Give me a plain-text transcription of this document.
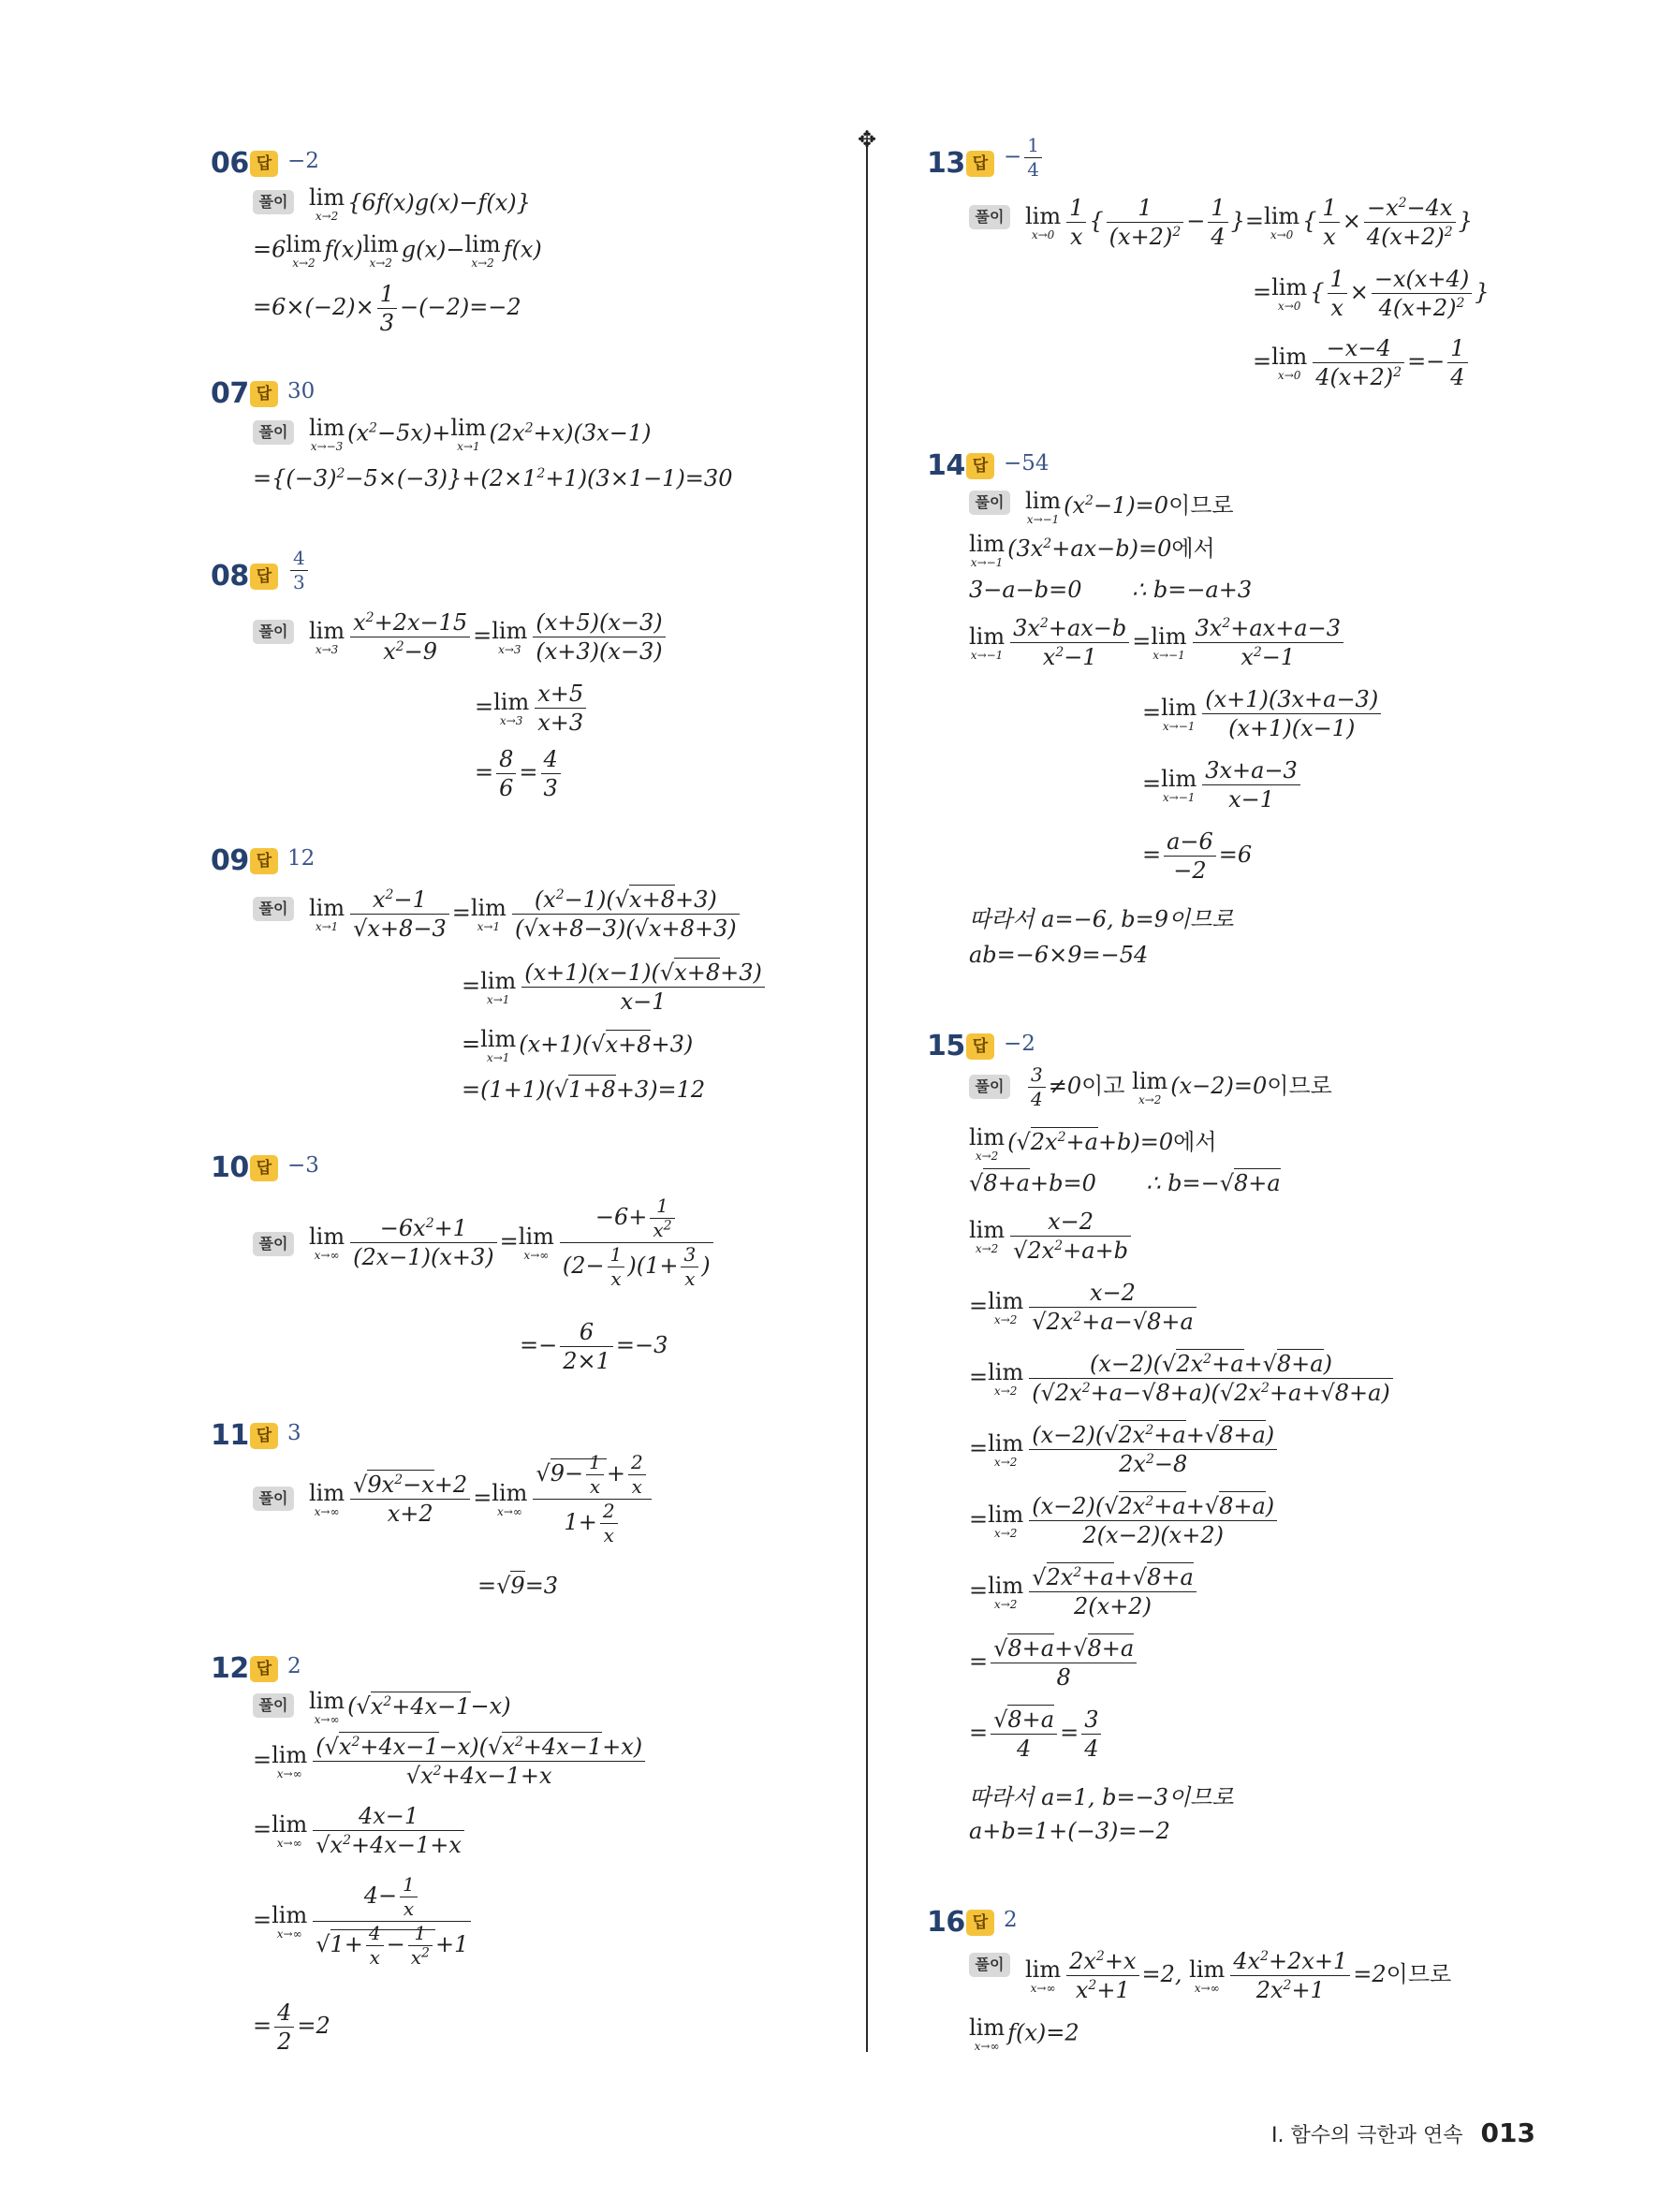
✥
06 답 −2
풀이 lim
x→2
{6f(x)g(x)−f(x)}
=6lim
x→2
f(x)lim
x→2
g(x)−lim
x→2
f(x)
$=6\times(-2)\times \frac{1}{3} -(-2)=-2$
07 답 30
풀이 lim
x→−3
$(x^2-5x)+\lim$
x→1
$(2x^2+x)(3x-1)$
$=\{(-3)^2-5\times(-3)\}+(2\times 1^2+1)(3\times 1-1)=30$
08 답 $\frac{4}{3}$
풀이 lim
$x\to 3 \frac{x^2+2x-15}{x^2-9} =\lim$
$x\to 3 \frac{(x+5)(x-3)}{(x+3)(x-3)}$
=lim
$x\to 3 \frac{x+5}{x+3}$
= $\frac{8}{6} = \frac{4}{3}$
09 답 12
풀이 lim
$x\to 1 \frac{x^2-1}{√x+8-3} =\lim$
$x\to 1 \frac{(x^2-1)(√x+8+3)}{(√x+8-3)(√x+8+3)}$
=lim
$x\to 1 \frac{(x+1)(x-1)(√x+8+3)}{x-1}$
=lim
x→1
(x+1)(√x+8+3)
=(1+1)(√1+8+3)=12
10 답 −3
풀이 lim
$x\to\infty \frac{-6x^2+1}{(2x-1)(x+3)} =\lim$
$x\to\infty \frac{-6+ \frac{1}{x^2}}{(2- \frac{1}{x} )(1+ \frac{3}{x} )}$
=− $\frac{6}{2\times 1} =-3$
11 답 3
풀이 lim
$x\to\infty \frac{√9x^2-x+2}{x+2} =\lim$
$x\to\infty \frac{√9- \frac{1}{x} + \frac{2}{x}}{1+ \frac{2}{x}}$
=√9=3
12 답 2
풀이 lim
x→∞
$(√x^2+4x-1-x)$
=lim
$x\to\infty \frac{(√x^2+4x-1-x)(√x^2+4x-1+x)}{√x^2+4x-1+x}$
=lim
$x\to\infty \frac{4x-1}{√x^2+4x-1+x}$
=lim
$x\to\infty \frac{4- \frac{1}{x}}{√1+ \frac{4}{x} - \frac{1}{x^2} +1}$
= $\frac{4}{2} =2$
13 답 − $\frac{1}{4}$
풀이 lim
$x\to 0 \frac{1}{x}$ { $\frac{1}{(x+2)^2} - \frac{1}{4} \}=\lim$
x→0
{ $\frac{1}{x} \times \frac{-x^2-4x}{4(x+2)^2}$ }
=lim
x→0
{ $\frac{1}{x} \times \frac{-x(x+4)}{4(x+2)^2}$ }
=lim
$x\to 0 \frac{-x-4}{4(x+2)^2} =- \frac{1}{4}$
14 답 −54
풀이 lim
x→−1
$(x^2-1)=0$이므로
lim
x→−1
$(3x^2+ax-b)=0$에서
3−a−b=0       ∴ b=−a+3
lim
$x\to-1 \frac{3x^2+ax-b}{x^2-1} =\lim$
$x\to-1 \frac{3x^2+ax+a-3}{x^2-1}$
=lim
$x\to-1 \frac{(x+1)(3x+a-3)}{(x+1)(x-1)}$
=lim
$x\to-1 \frac{3x+a-3}{x-1}$
= $\frac{a-6}{-2} =6$
따라서 a=−6, b=9이므로
ab=−6×9=−54
15 답 −2
풀이	$\frac{3}{4} \ne 0$이고 lim
x→2
(x−2)=0이므로
lim
x→2
$(√2x^2+a+b)=0$에서
√8+a+b=0       ∴ b=−√8+a
lim
$x\to 2 \frac{x-2}{√2x^2+a+b}$
=lim
$x\to 2 \frac{x-2}{√2x^2+a-√8+a}$
=lim
$x\to 2 \frac{(x-2)(√2x^2+a+√8+a)}{(√2x^2+a-√8+a)(√2x^2+a+√8+a)}$
=lim
$x\to 2 \frac{(x-2)(√2x^2+a+√8+a)}{2x^2-8}$
=lim
$x\to 2 \frac{(x-2)(√2x^2+a+√8+a)}{2(x-2)(x+2)}$
=lim
$x\to 2 \frac{√2x^2+a+√8+a}{2(x+2)}$
= $\frac{√8+a+√8+a}{8}$
= $\frac{√8+a}{4} = \frac{3}{4}$
따라서 a=1, b=−3이므로
a+b=1+(−3)=−2
16 답 2
풀이 lim
$x\to\infty \frac{2x^2+x}{x^2+1} =2$, lim
$x\to\infty \frac{4x^2+2x+1}{2x^2+1} =2$이므로
lim
x→∞
f(x)=2
Ⅰ. 함수의 극한과 연속 013
